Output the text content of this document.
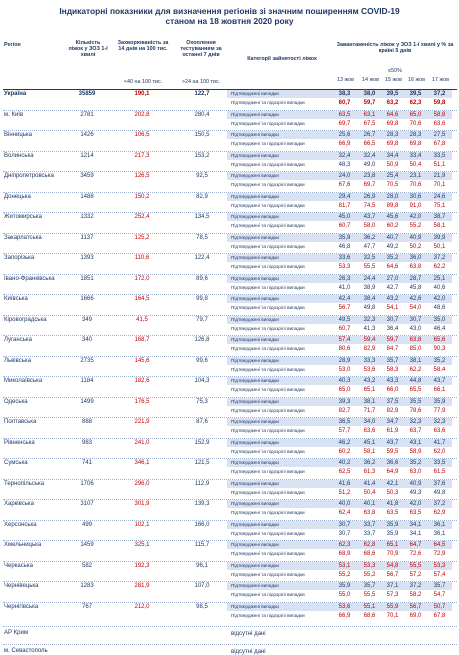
Індикаторні показники для визначення регіонів зі значним поширенням COVID-19
станом на 18 жовтня 2020 року
Регіон	Кількість ліжок у ЗОЗ 1-ї хвилі
Захворюваність за 14 днів на 100 тис.
Охоплення тестуванням за останні 7 днів
Категорії зайнятості ліжок
Завантаженість ліжок у ЗОЗ 1-ї хвилі у % за країні 5 днів
<40 на 100 тис.	>24 на 100 тис.
≤50%
13 жов	14 жов	15 жов	16 жов	17 жов
Україна	35859	190,1	122,7	Підтверджені випадки
Підтверджені та підозрілі випадки
38,3	38,0	39,5	39,5	37,2
60,7	59,7	63,2	62,3	59,8
м. Київ	2781	202,8	280,4	Підтверджені випадки
Підтверджені та підозрілі випадки
63,5	63,1	64,6	65,0	58,8
69,7	67,5	69,8	70,6	63,6
Вінницька	1426	106,5	150,5	Підтверджені випадки
Підтверджені та підозрілі випадки
25,6	26,7	28,3	28,3	27,5
66,9	66,5	69,8	69,8	67,8
Волинська	1214	217,3	153,2	Підтверджені випадки
Підтверджені та підозрілі випадки
32,4	32,4	34,4	33,4	33,5
48,3	49,0	50,9	50,4	51,1
Дніпропетровська	3459	126,5	92,5	Підтверджені випадки
Підтверджені та підозрілі випадки
24,0	23,8	25,4	23,1	21,9
67,6	69,7	70,5	70,6	70,1
Донецька	1488	150,2	82,9	Підтверджені випадки
Підтверджені та підозрілі випадки
29,4	26,9	28,0	30,6	24,6
81,7	74,5	89,8	91,0	75,1
Житомирська	1332	252,4	134,5	Підтверджені випадки
Підтверджені та підозрілі випадки
45,0	43,7	45,6	42,0	38,7
60,7	58,0	60,2	55,2	58,1
Закарпатська	1137	125,2	78,5	Підтверджені випадки
Підтверджені та підозрілі випадки
35,9	36,2	40,7	40,9	39,9
46,8	47,7	49,2	50,2	50,1
Запорізька	1393	110,6	122,4	Підтверджені випадки
Підтверджені та підозрілі випадки
33,6	32,5	35,2	36,0	37,2
53,3	55,5	64,6	63,8	62,2
Івано-Франківська	1851	172,0	89,6	Підтверджені випадки
Підтверджені та підозрілі випадки
26,3	24,4	27,0	28,7	25,1
41,0	38,9	42,7	45,8	40,6
Київська	1666	164,5	99,8	Підтверджені випадки
Підтверджені та підозрілі випадки
42,4	38,4	43,2	42,6	42,0
56,7	49,8	54,1	54,0	48,6
Кіровоградська	349	41,5	79,7	Підтверджені випадки
Підтверджені та підозрілі випадки
49,5	32,3	30,7	30,7	35,0
60,7	41,3	36,4	43,0	46,4
Луганська	340	168,7	126,8	Підтверджені випадки
Підтверджені та підозрілі випадки
57,4	59,4	59,7	63,8	65,6
80,6	82,9	84,7	85,0	90,3
Львівська	2735	145,6	99,6	Підтверджені випадки
Підтверджені та підозрілі випадки
28,9	33,3	35,7	38,1	35,2
53,0	53,6	58,3	62,2	58,4
Миколаївська	1184	182,6	104,3	Підтверджені випадки
Підтверджені та підозрілі випадки
40,3	43,2	43,3	44,8	43,7
65,0	65,1	66,0	65,5	66,1
Одеська	1499	176,5	75,3	Підтверджені випадки
Підтверджені та підозрілі випадки
39,3	38,1	37,5	35,5	35,9
82,7	71,7	82,9	78,6	77,9
Полтавська	888	221,9	87,6	Підтверджені випадки
Підтверджені та підозрілі випадки
36,5	34,0	34,7	32,3	32,3
57,7	63,6	61,9	63,7	63,6
Рівненська	983	241,0	152,9	Підтверджені випадки
Підтверджені та підозрілі випадки
46,2	45,1	43,7	43,1	41,7
60,2	58,1	59,5	58,9	62,0
Сумська	741	346,1	121,5	Підтверджені випадки
Підтверджені та підозрілі випадки
40,2	36,2	36,6	35,2	33,5
62,5	61,3	64,9	63,0	61,5
Тернопільська	1706	296,0	112,9	Підтверджені випадки
Підтверджені та підозрілі випадки
41,6	41,4	42,1	40,9	37,6
51,2	50,4	50,3	49,3	49,8
Харківська	3107	301,9	139,3	Підтверджені випадки
Підтверджені та підозрілі випадки
40,0	40,1	41,8	42,0	37,2
62,4	63,8	63,5	63,5	62,9
Херсонська	499	102,1	166,0	Підтверджені випадки
Підтверджені та підозрілі випадки
30,7	33,7	35,9	34,1	36,1
30,7	33,7	35,9	34,1	36,1
Хмельницька	1459	325,1	115,7	Підтверджені випадки
Підтверджені та підозрілі випадки
62,3	62,8	65,1	64,7	64,5
68,9	68,6	70,9	72,6	72,9
Черкаська	582	192,3	96,1	Підтверджені випадки
Підтверджені та підозрілі випадки
53,1	53,3	54,8	55,5	53,3
55,2	55,2	56,7	57,2	57,4
Чернівецька	1283	281,9	107,0	Підтверджені випадки
Підтверджені та підозрілі випадки
35,9	35,7	37,1	37,2	35,7
55,0	55,5	57,3	58,2	54,7
Чернігівська	767	212,0	98,5	Підтверджені випадки
Підтверджені та підозрілі випадки
53,6	55,1	55,9	56,7	50,7
66,9	68,6	70,1	69,0	67,8
АР Крим	відсутні дані
м. Севастополь	відсутні дані
